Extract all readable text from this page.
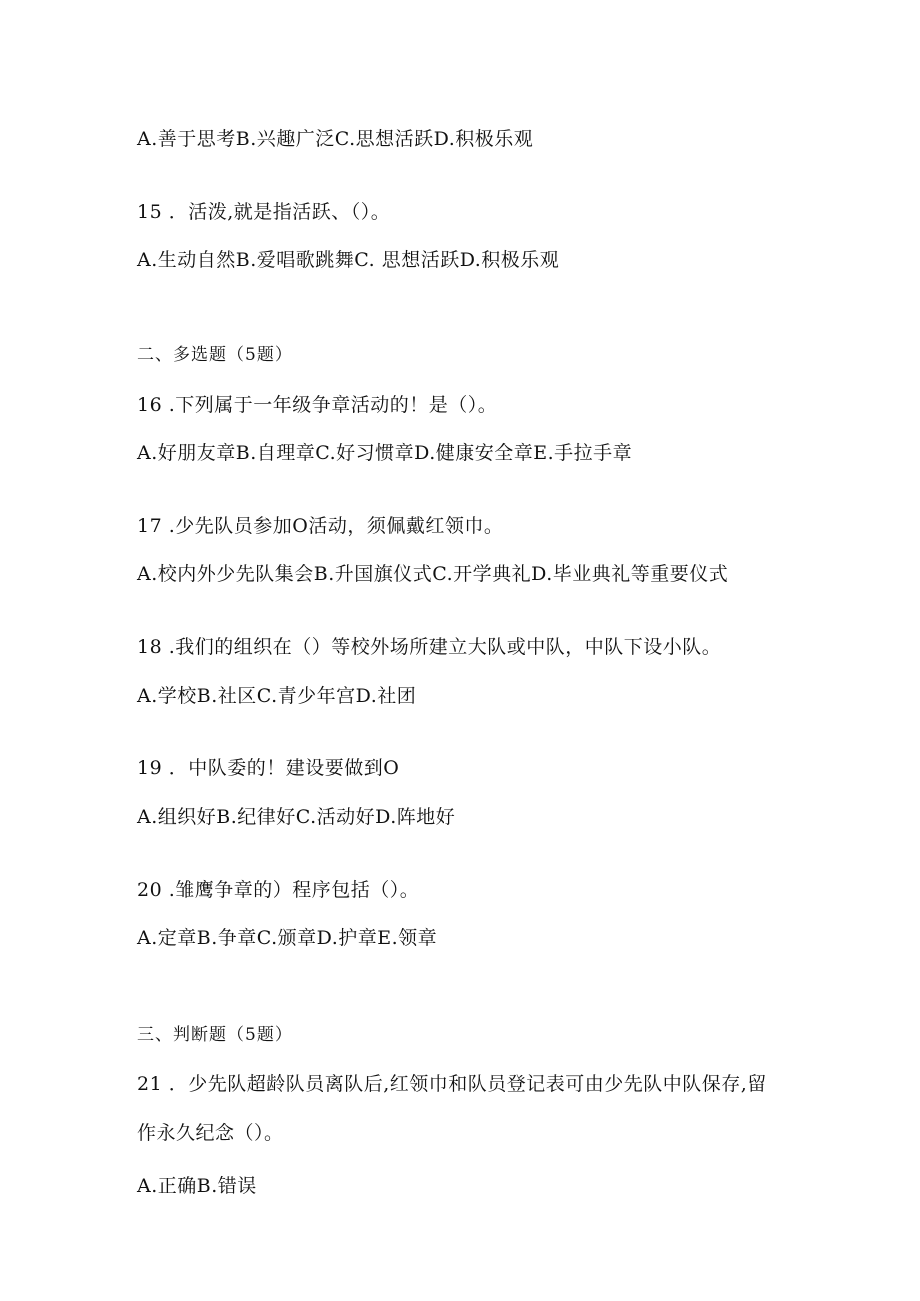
A.善于思考B.兴趣广泛C.思想活跃D.积极乐观
15 ．活泼,就是指活跃、（）。
A.生动自然B.爱唱歌跳舞C. 思想活跃D.积极乐观
二、多选题（5题）
16 .下列属于一年级争章活动的！是（）。
A.好朋友章B.自理章C.好习惯章D.健康安全章E.手拉手章
17 .少先队员参加O活动，须佩戴红领巾。
A.校内外少先队集会B.升国旗仪式C.开学典礼D.毕业典礼等重要仪式
18 .我们的组织在（）等校外场所建立大队或中队，中队下设小队。
A.学校B.社区C.青少年宫D.社团
19 ．中队委的！建设要做到O
A.组织好B.纪律好C.活动好D.阵地好
20 .雏鹰争章的）程序包括（）。
A.定章B.争章C.颁章D.护章E.领章
三、判断题（5题）
21 ．少先队超龄队员离队后,红领巾和队员登记表可由少先队中队保存,留
作永久纪念（）。
A.正确B.错误
